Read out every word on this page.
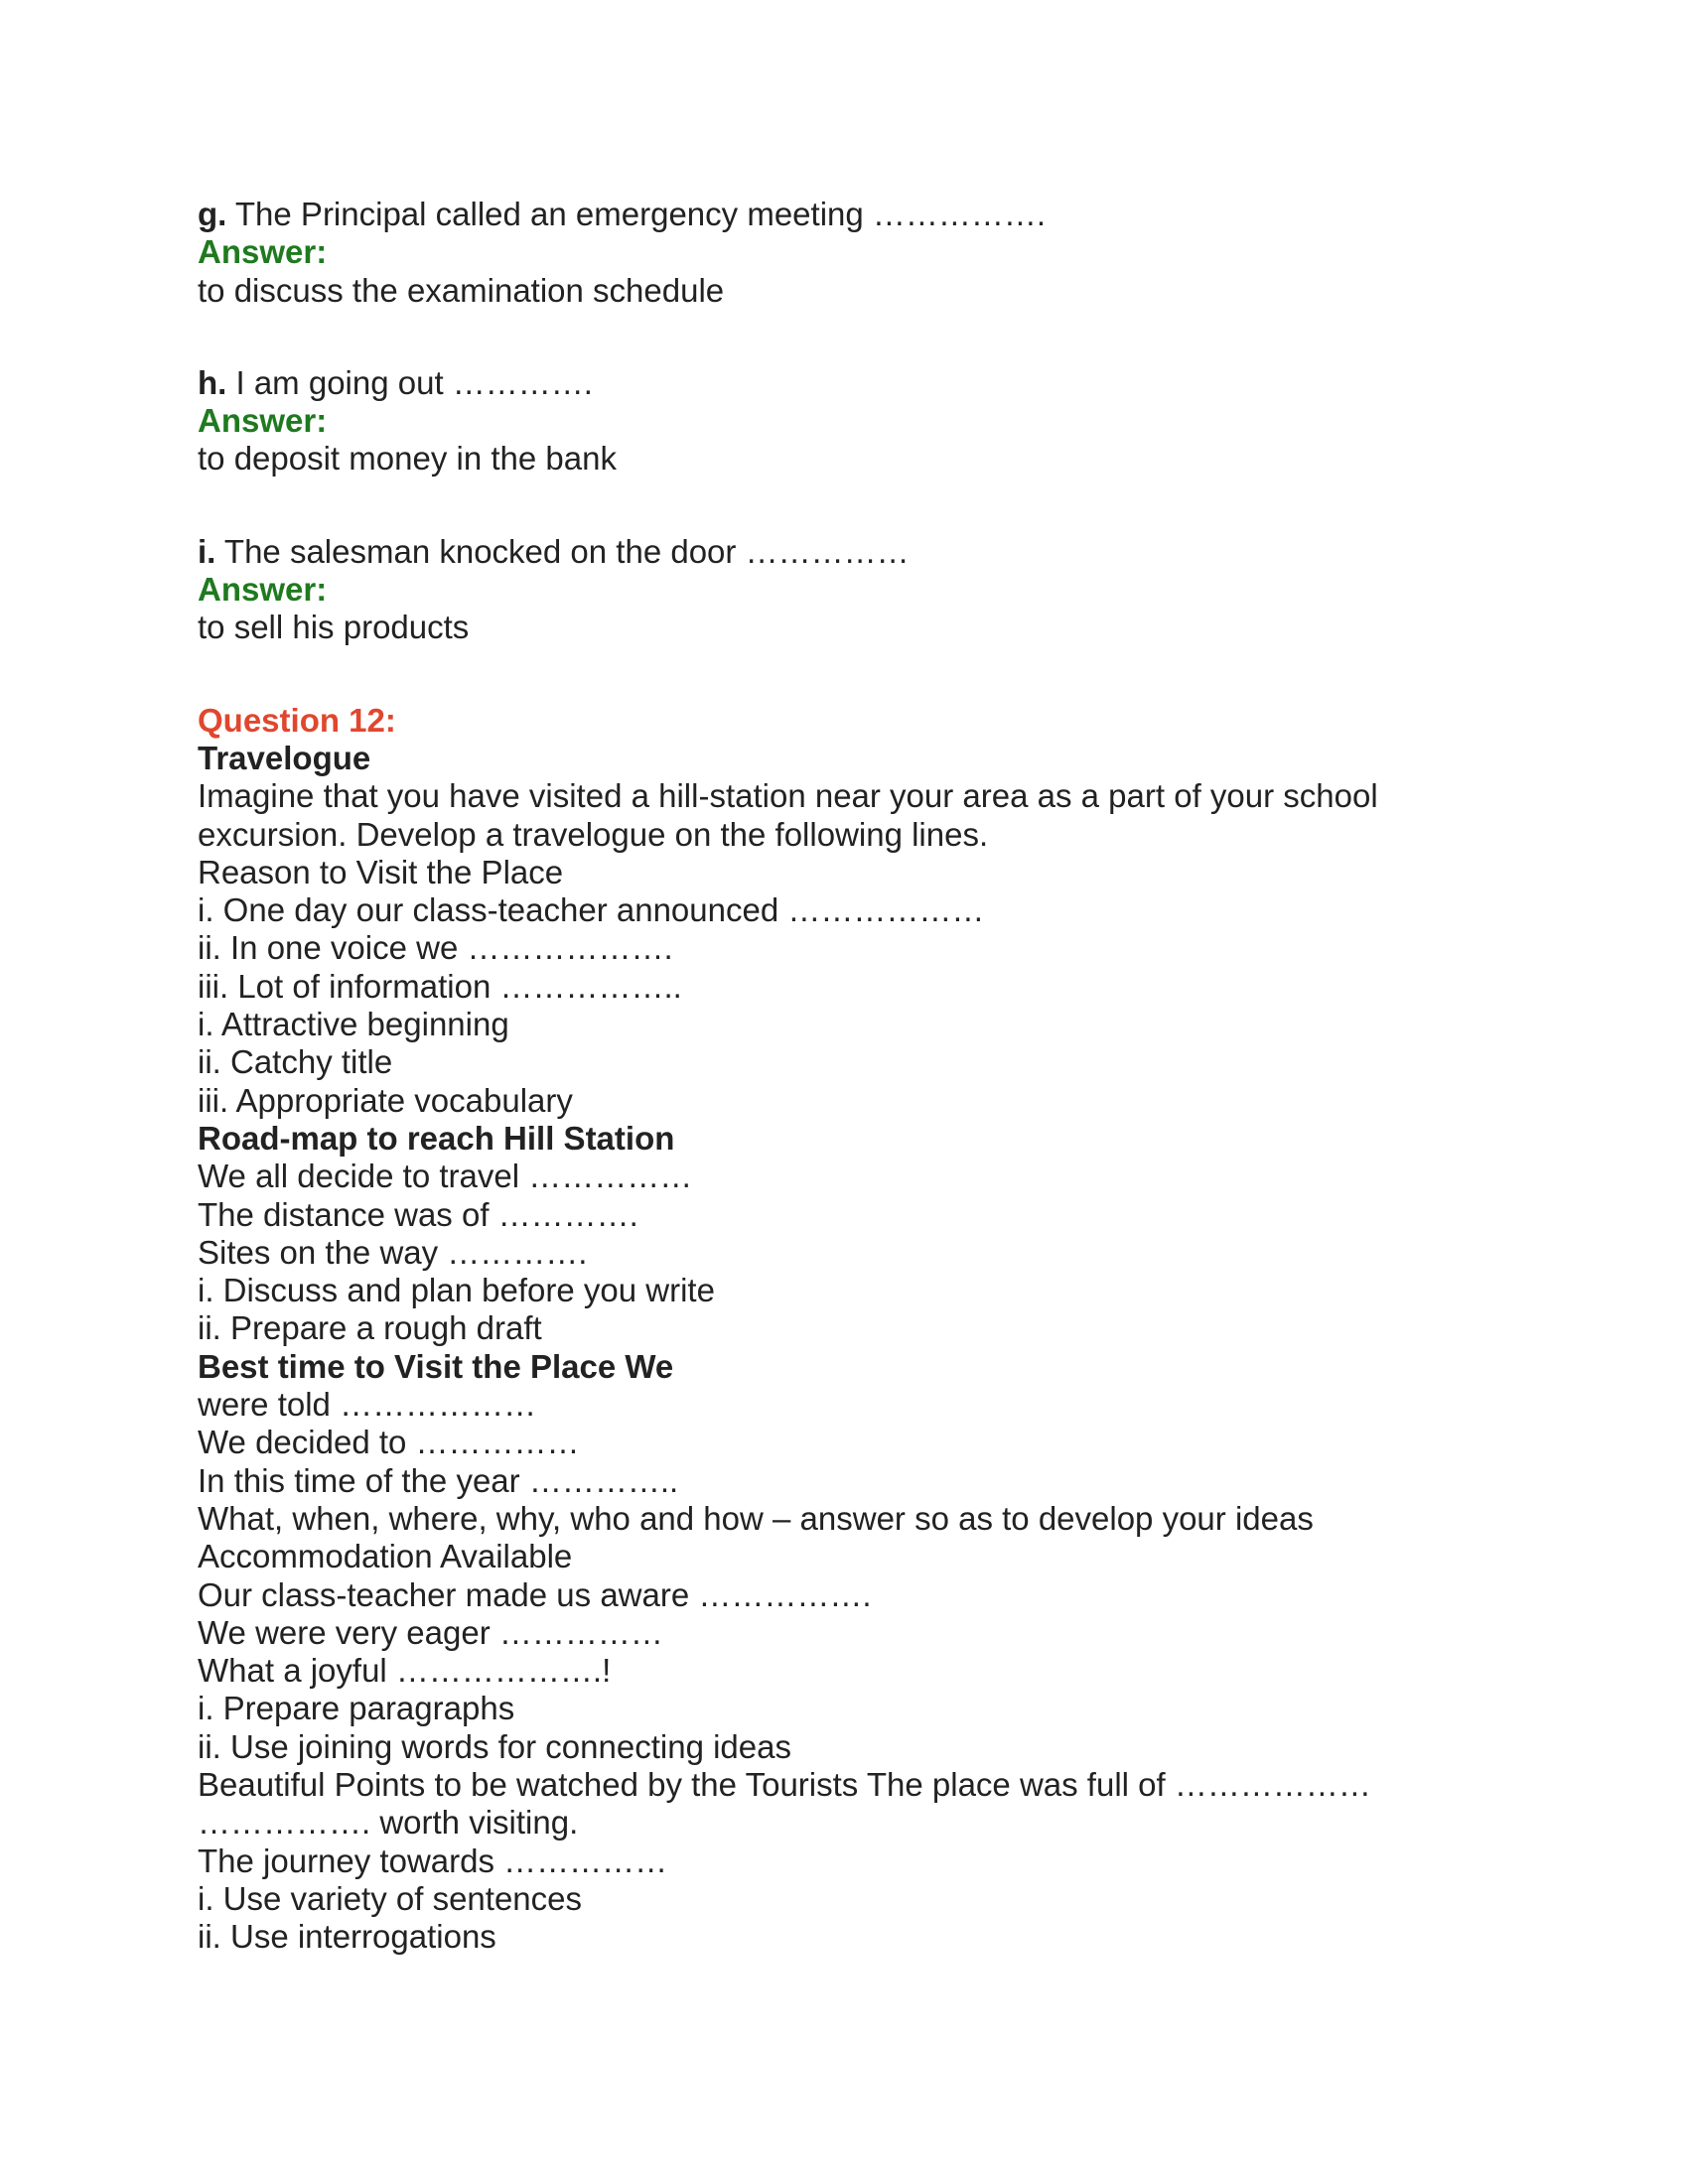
g. The Principal called an emergency meeting …………….

Answer:

to discuss the examination schedule

h. I am going out ………….

Answer:

to deposit money in the bank

i. The salesman knocked on the door ……………

Answer:

to sell his products

Question 12:

Travelogue

Imagine that you have visited a hill-station near your area as a part of your school

excursion. Develop a travelogue on the following lines.

Reason to Visit the Place

i. One day our class-teacher announced ………………

ii. In one voice we ……………….

iii. Lot of information ……………..

i. Attractive beginning

ii. Catchy title

iii. Appropriate vocabulary

Road-map to reach Hill Station

We all decide to travel ……………

The distance was of ………….

Sites on the way ………….

i. Discuss and plan before you write

ii. Prepare a rough draft

Best time to Visit the Place We

were told ………………

We decided to ……………

In this time of the year …………..

What, when, where, why, who and how – answer so as to develop your ideas

Accommodation Available

Our class-teacher made us aware …………….

We were very eager ……………

What a joyful ……………….!

i. Prepare paragraphs

ii. Use joining words for connecting ideas

Beautiful Points to be watched by the Tourists The place was full of ………………

……………. worth visiting.

The journey towards ……………

i. Use variety of sentences

ii. Use interrogations
